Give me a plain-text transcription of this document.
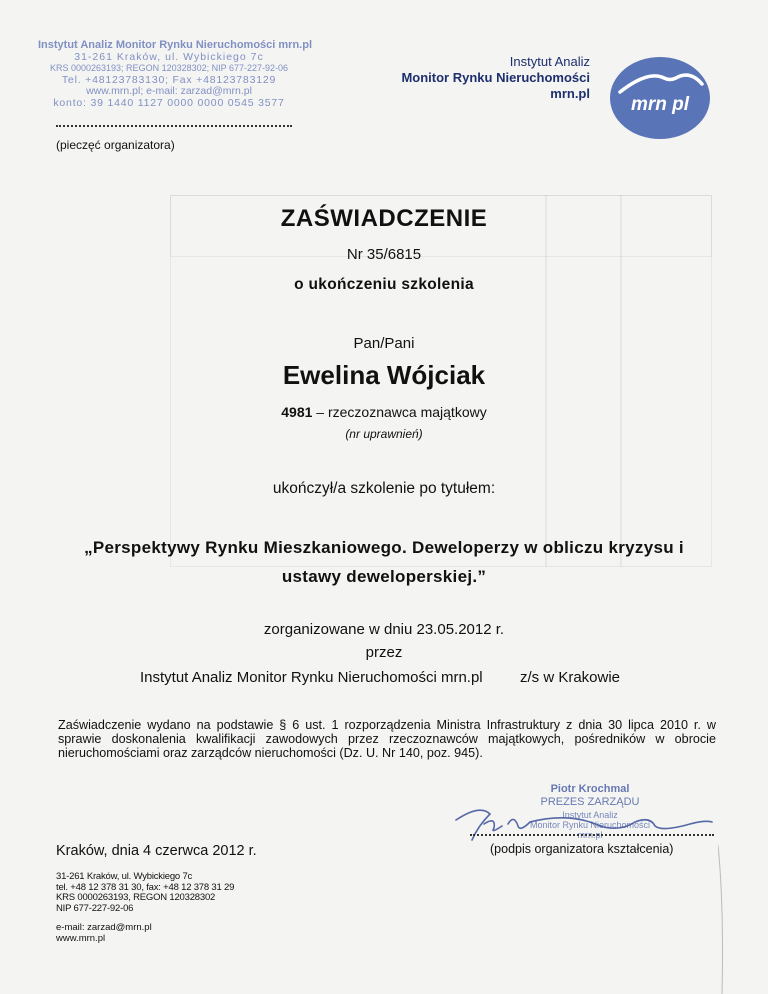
Instytut Analiz Monitor Rynku Nieruchomości mrn.pl
31-261 Kraków, ul. Wybickiego 7c
KRS 0000263193; REGON 120328302; NIP 677-227-92-06
Tel. +48123783130; Fax +48123783129
www.mrn.pl; e-mail: zarzad@mrn.pl
konto: 39 1440 1127 0000 0000 0545 3577
(pieczęć organizatora)
Instytut Analiz
Monitor Rynku Nieruchomości
mrn.pl
mrn pl
ZAŚWIADCZENIE
Nr 35/6815
o ukończeniu szkolenia
Pan/Pani
Ewelina Wójciak
4981 – rzeczoznawca majątkowy
(nr uprawnień)
ukończył/a szkolenie po tytułem:
„Perspektywy Rynku Mieszkaniowego. Deweloperzy w obliczu kryzysu i
ustawy deweloperskiej.”
zorganizowane w dniu 23.05.2012 r.
przez
Instytut Analiz Monitor Rynku Nieruchomości mrn.pl z/s w Krakowie
Zaświadczenie wydano na podstawie § 6 ust. 1 rozporządzenia Ministra Infrastruktury z dnia 30 lipca 2010 r. w sprawie doskonalenia kwalifikacji zawodowych przez rzeczoznawców majątkowych, pośredników w obrocie nieruchomościami oraz zarządców nieruchomości (Dz. U. Nr 140, poz. 945).
Piotr Krochmal
PREZES ZARZĄDU
Instytut Analiz
Monitor Rynku Nieruchomości mrn.pl
(podpis organizatora kształcenia)
Kraków, dnia 4 czerwca 2012 r.
31-261 Kraków, ul. Wybickiego 7c
tel. +48 12 378 31 30, fax: +48 12 378 31 29
KRS 0000263193, REGON 120328302
NIP 677-227-92-06
e-mail: zarzad@mrn.pl
www.mrn.pl
